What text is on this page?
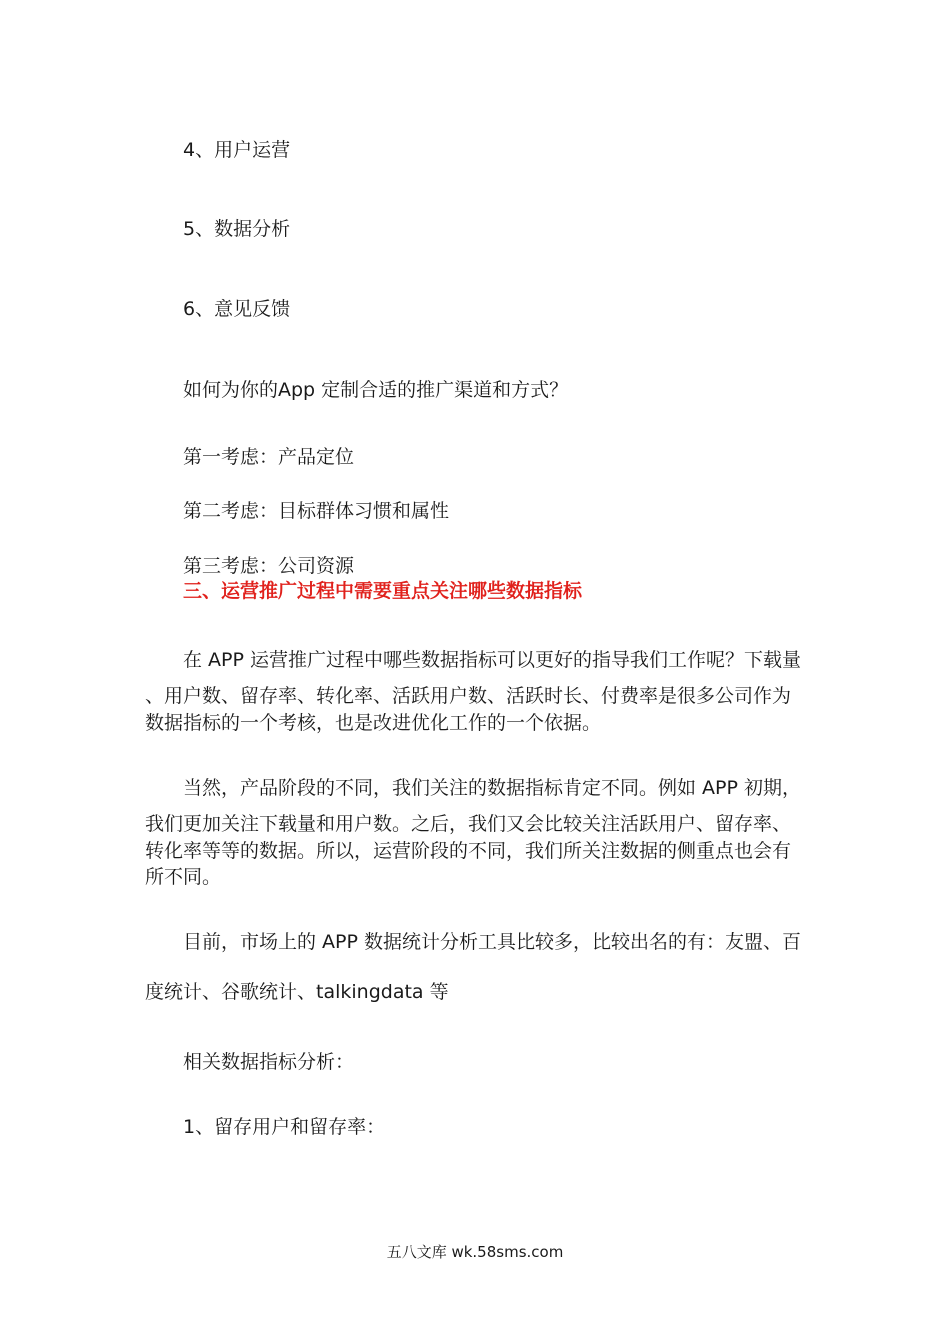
4、用户运营

5、数据分析

6、意见反馈

如何为你的App 定制合适的推广渠道和方式？

第一考虑：产品定位

第二考虑：目标群体习惯和属性

第三考虑：公司资源

三、运营推广过程中需要重点关注哪些数据指标

在 APP 运营推广过程中哪些数据指标可以更好的指导我们工作呢？下载量

、用户数、留存率、转化率、活跃用户数、活跃时长、付费率是很多公司作为

数据指标的一个考核，也是改进优化工作的一个依据。

当然，产品阶段的不同，我们关注的数据指标肯定不同。例如 APP 初期，

我们更加关注下载量和用户数。之后，我们又会比较关注活跃用户、留存率、

转化率等等的数据。所以，运营阶段的不同，我们所关注数据的侧重点也会有

所不同。

目前，市场上的 APP 数据统计分析工具比较多，比较出名的有：友盟、百

度统计、谷歌统计、talkingdata 等

相关数据指标分析：

1、留存用户和留存率：

五八文库 wk.58sms.com
